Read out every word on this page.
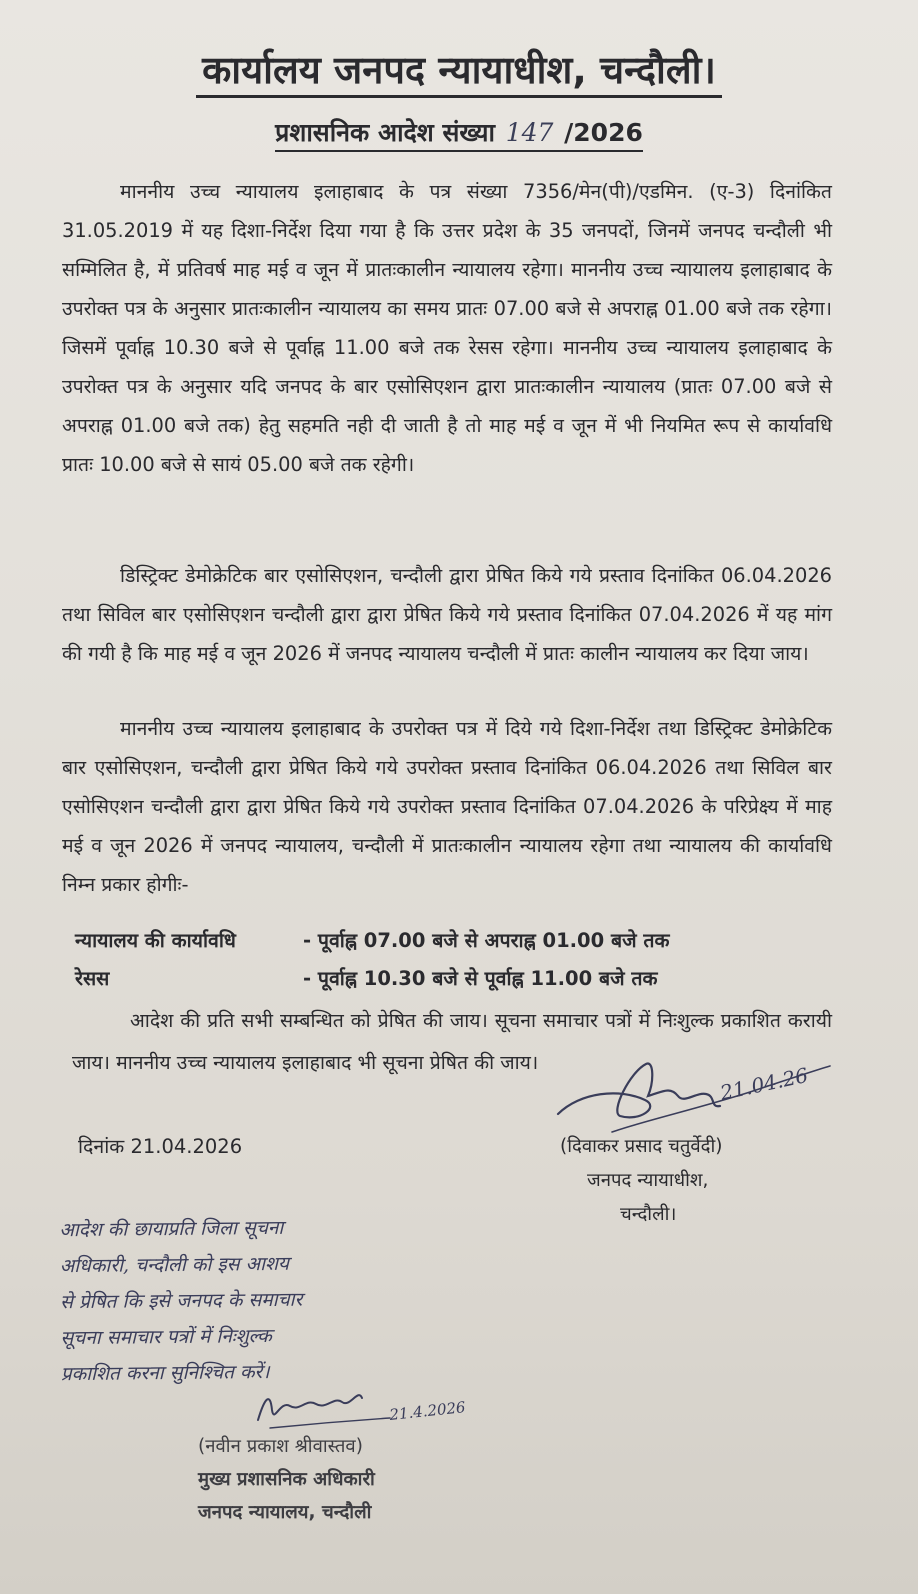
कार्यालय जनपद न्यायाधीश, चन्दौली।
प्रशासनिक आदेश संख्या 147 /2026

माननीय उच्च न्यायालय इलाहाबाद के पत्र संख्या 7356/मेन(पी)/एडमिन. (ए-3) दिनांकित 31.05.2019 में यह दिशा-निर्देश दिया गया है कि उत्तर प्रदेश के 35 जनपदों, जिनमें जनपद चन्दौली भी सम्मिलित है, में प्रतिवर्ष माह मई व जून में प्रातःकालीन न्यायालय रहेगा। माननीय उच्च न्यायालय इलाहाबाद के उपरोक्त पत्र के अनुसार प्रातःकालीन न्यायालय का समय प्रातः 07.00 बजे से अपराह्न 01.00 बजे तक रहेगा। जिसमें पूर्वाह्न 10.30 बजे से पूर्वाह्न 11.00 बजे तक रेसस रहेगा। माननीय उच्च न्यायालय इलाहाबाद के उपरोक्त पत्र के अनुसार यदि जनपद के बार एसोसिएशन द्वारा प्रातःकालीन न्यायालय (प्रातः 07.00 बजे से अपराह्न 01.00 बजे तक) हेतु सहमति नही दी जाती है तो माह मई व जून में भी नियमित रूप से कार्यावधि प्रातः 10.00 बजे से सायं 05.00 बजे तक रहेगी।

डिस्ट्रिक्ट डेमोक्रेटिक बार एसोसिएशन, चन्दौली द्वारा प्रेषित किये गये प्रस्ताव दिनांकित 06.04.2026 तथा सिविल बार एसोसिएशन चन्दौली द्वारा द्वारा प्रेषित किये गये प्रस्ताव दिनांकित 07.04.2026 में यह मांग की गयी है कि माह मई व जून 2026 में जनपद न्यायालय चन्दौली में प्रातः कालीन न्यायालय कर दिया जाय।

माननीय उच्च न्यायालय इलाहाबाद के उपरोक्त पत्र में दिये गये दिशा-निर्देश तथा डिस्ट्रिक्ट डेमोक्रेटिक बार एसोसिएशन, चन्दौली द्वारा प्रेषित किये गये उपरोक्त प्रस्ताव दिनांकित 06.04.2026 तथा सिविल बार एसोसिएशन चन्दौली द्वारा द्वारा प्रेषित किये गये उपरोक्त प्रस्ताव दिनांकित 07.04.2026 के परिप्रेक्ष्य में माह मई व जून 2026 में जनपद न्यायालय, चन्दौली में प्रातःकालीन न्यायालय रहेगा तथा न्यायालय की कार्यावधि निम्न प्रकार होगीः-

न्यायालय की कार्यावधि	- पूर्वाह्न 07.00 बजे से अपराह्न 01.00 बजे तक
रेसस	- पूर्वाह्न 10.30 बजे से पूर्वाह्न 11.00 बजे तक

आदेश की प्रति सभी सम्बन्धित को प्रेषित की जाय। सूचना समाचार पत्रों में निःशुल्क प्रकाशित करायी जाय। माननीय उच्च न्यायालय इलाहाबाद भी सूचना प्रेषित की जाय।

21.04.26
दिनांक 21.04.2026	(दिवाकर प्रसाद चतुर्वेदी)
जनपद न्यायाधीश,
चन्दौली।
आदेश की छायाप्रति जिला सूचना
अधिकारी, चन्दौली को इस आशय
से प्रेषित कि इसे जनपद के समाचार
सूचना समाचार पत्रों में निःशुल्क
प्रकाशित करना सुनिश्चित करें।
21.4.2026
(नवीन प्रकाश श्रीवास्तव)
मुख्य प्रशासनिक अधिकारी
जनपद न्यायालय, चन्दौली
